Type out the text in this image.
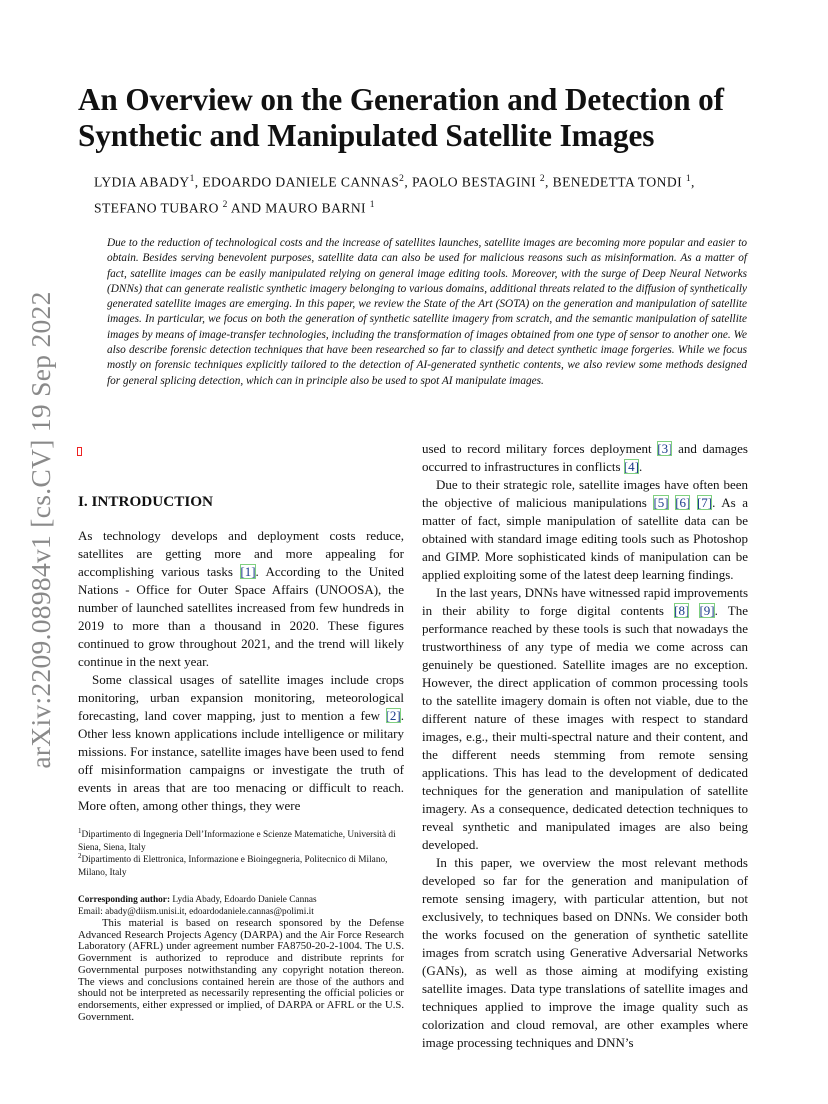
arXiv:2209.08984v1 [cs.CV] 19 Sep 2022
An Overview on the Generation and Detection of Synthetic and Manipulated Satellite Images
LYDIA ABADY$^1$, EDOARDO DANIELE CANNAS$^2$, PAOLO BESTAGINI $^2$, BENEDETTA TONDI $^1$,
STEFANO TUBARO $^2$ AND MAURO BARNI $^1$

Due to the reduction of technological costs and the increase of satellites launches, satellite images are becoming more popular and easier to obtain. Besides serving benevolent purposes, satellite data can also be used for malicious reasons such as misinformation. As a matter of fact, satellite images can be easily manipulated relying on general image editing tools. Moreover, with the surge of Deep Neural Networks (DNNs) that can generate realistic synthetic imagery belonging to various domains, additional threats related to the diffusion of synthetically generated satellite images are emerging. In this paper, we review the State of the Art (SOTA) on the generation and manipulation of satellite images. In particular, we focus on both the generation of synthetic satellite imagery from scratch, and the semantic manipulation of satellite images by means of image-transfer technologies, including the transformation of images obtained from one type of sensor to another one. We also describe forensic detection techniques that have been researched so far to classify and detect synthetic image forgeries. While we focus mostly on forensic techniques explicitly tailored to the detection of AI-generated synthetic contents, we also review some methods designed for general splicing detection, which can in principle also be used to spot AI manipulate images.

I. INTRODUCTION

As technology develops and deployment costs reduce, satellites are getting more and more appealing for accomplishing various tasks [1]. According to the United Nations - Office for Outer Space Affairs (UNOOSA), the number of launched satellites increased from few hundreds in 2019 to more than a thousand in 2020. These figures continued to grow throughout 2021, and the trend will likely continue in the next year.

Some classical usages of satellite images include crops monitoring, urban expansion monitoring, meteorological forecasting, land cover mapping, just to mention a few [2]. Other less known applications include intelligence or military missions. For instance, satellite images have been used to fend off misinformation campaigns or investigate the truth of events in areas that are too menacing or difficult to reach. More often, among other things, they were

$^1$Dipartimento di Ingegneria Dell’Informazione e Scienze Matematiche, Università di Siena, Siena, Italy
$^2$Dipartimento di Elettronica, Informazione e Bioingegneria, Politecnico di Milano, Milano, Italy
Corresponding author: Lydia Abady, Edoardo Daniele Cannas
Email: abady@diism.unisi.it, edoardodaniele.cannas@polimi.it

This material is based on research sponsored by the Defense Advanced Research Projects Agency (DARPA) and the Air Force Research Laboratory (AFRL) under agreement number FA8750-20-2-1004. The U.S. Government is authorized to reproduce and distribute reprints for Governmental purposes notwithstanding any copyright notation thereon. The views and conclusions contained herein are those of the authors and should not be interpreted as necessarily representing the official policies or endorsements, either expressed or implied, of DARPA or AFRL or the U.S. Government.

used to record military forces deployment [3] and damages occurred to infrastructures in conflicts [4].

Due to their strategic role, satellite images have often been the objective of malicious manipulations [5] [6] [7]. As a matter of fact, simple manipulation of satellite data can be obtained with standard image editing tools such as Photoshop and GIMP. More sophisticated kinds of manipulation can be applied exploiting some of the latest deep learning findings.

In the last years, DNNs have witnessed rapid improvements in their ability to forge digital contents [8] [9]. The performance reached by these tools is such that nowadays the trustworthiness of any type of media we come across can genuinely be questioned. Satellite images are no exception. However, the direct application of common processing tools to the satellite imagery domain is often not viable, due to the different nature of these images with respect to standard images, e.g., their multi-spectral nature and their content, and the different needs stemming from remote sensing applications. This has lead to the development of dedicated techniques for the generation and manipulation of satellite imagery. As a consequence, dedicated detection techniques to reveal synthetic and manipulated images are also being developed.

In this paper, we overview the most relevant methods developed so far for the generation and manipulation of remote sensing imagery, with particular attention, but not exclusively, to techniques based on DNNs. We consider both the works focused on the generation of synthetic satellite images from scratch using Generative Adversarial Networks (GANs), as well as those aiming at modifying existing satellite images. Data type translations of satellite images and techniques applied to improve the image quality such as colorization and cloud removal, are other examples where image processing techniques and DNN’s
